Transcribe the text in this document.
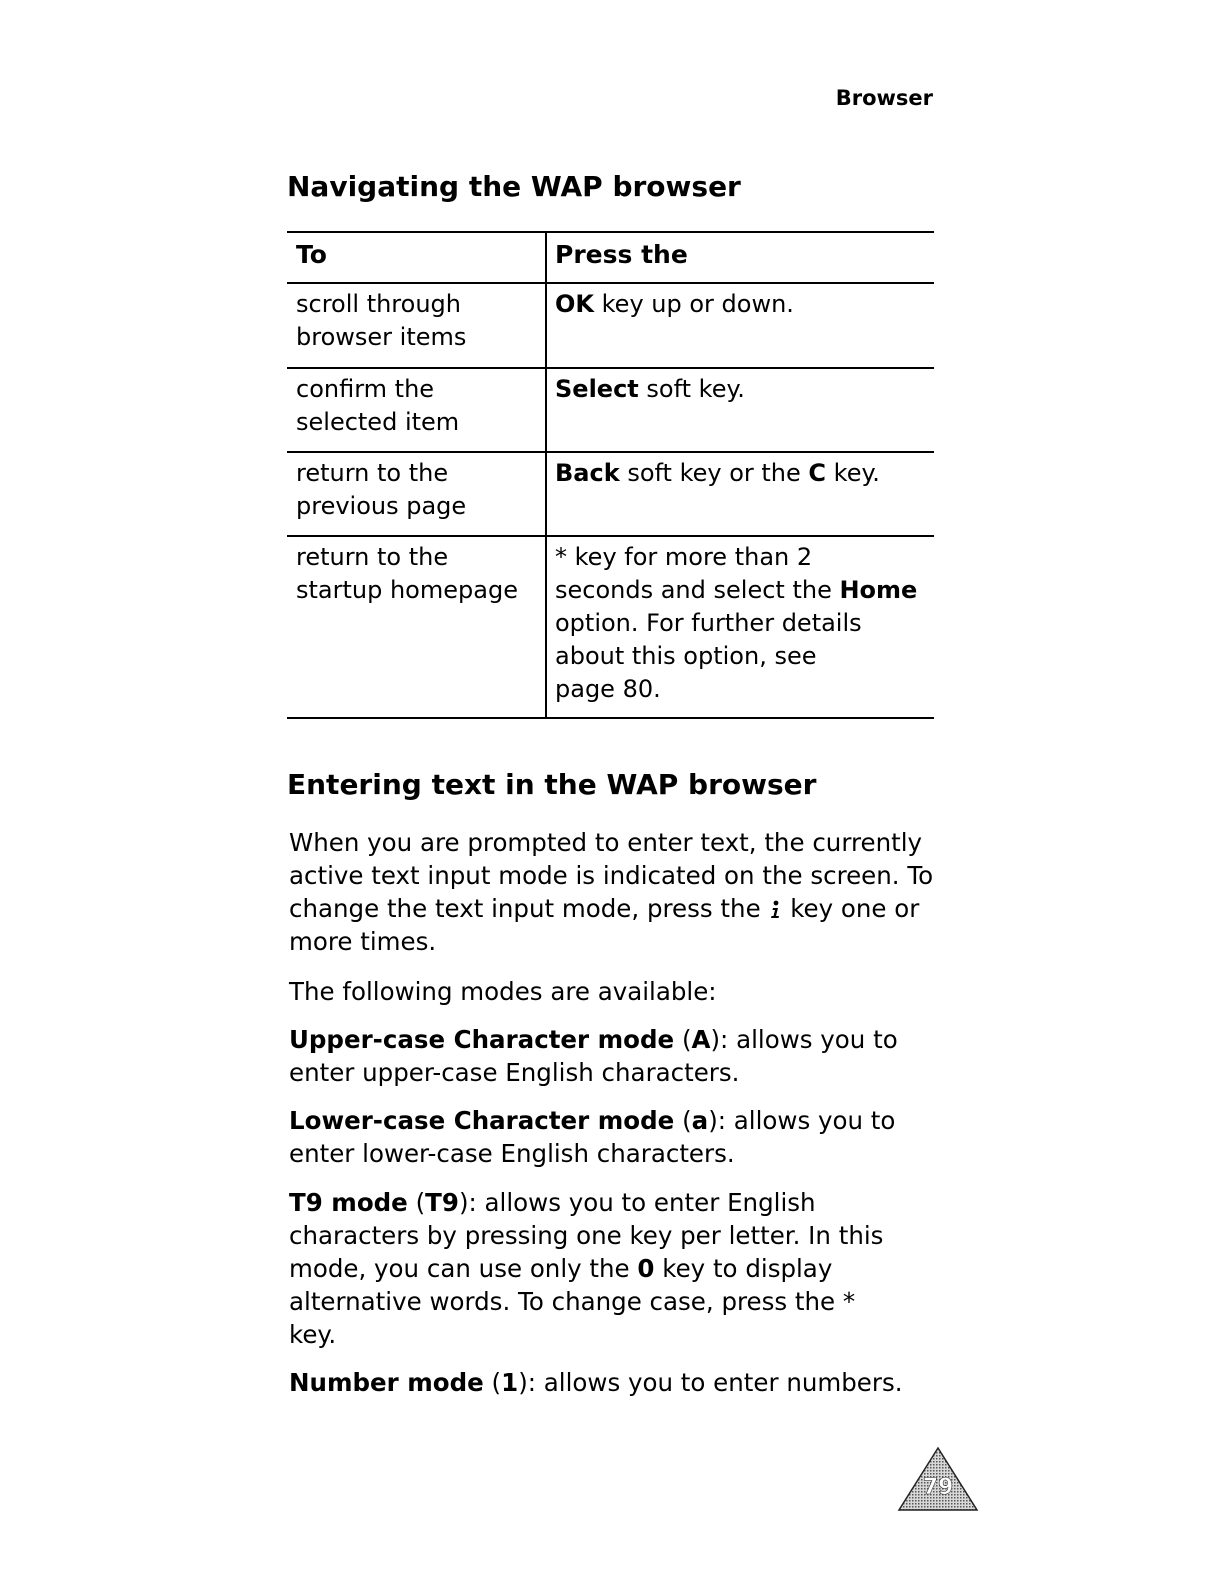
Browser
Navigating the WAP browser
To	Press the
scroll through
browser items
OK key up or down.
confirm the
selected item
Select soft key.
return to the
previous page
Back soft key or the C key.
return to the
startup homepage
* key for more than 2
seconds and select the Home
option. For further details
about this option, see
page 80.
Entering text in the WAP browser
When you are prompted to enter text, the currently
active text input mode is indicated on the screen. To
change the text input mode, press the key one or
more times.
The following modes are available:
Upper-case Character mode (A): allows you to
enter upper-case English characters.
Lower-case Character mode (a): allows you to
enter lower-case English characters.
T9 mode (T9): allows you to enter English
characters by pressing one key per letter. In this
mode, you can use only the 0 key to display
alternative words. To change case, press the *
key.
Number mode (1): allows you to enter numbers.
79
